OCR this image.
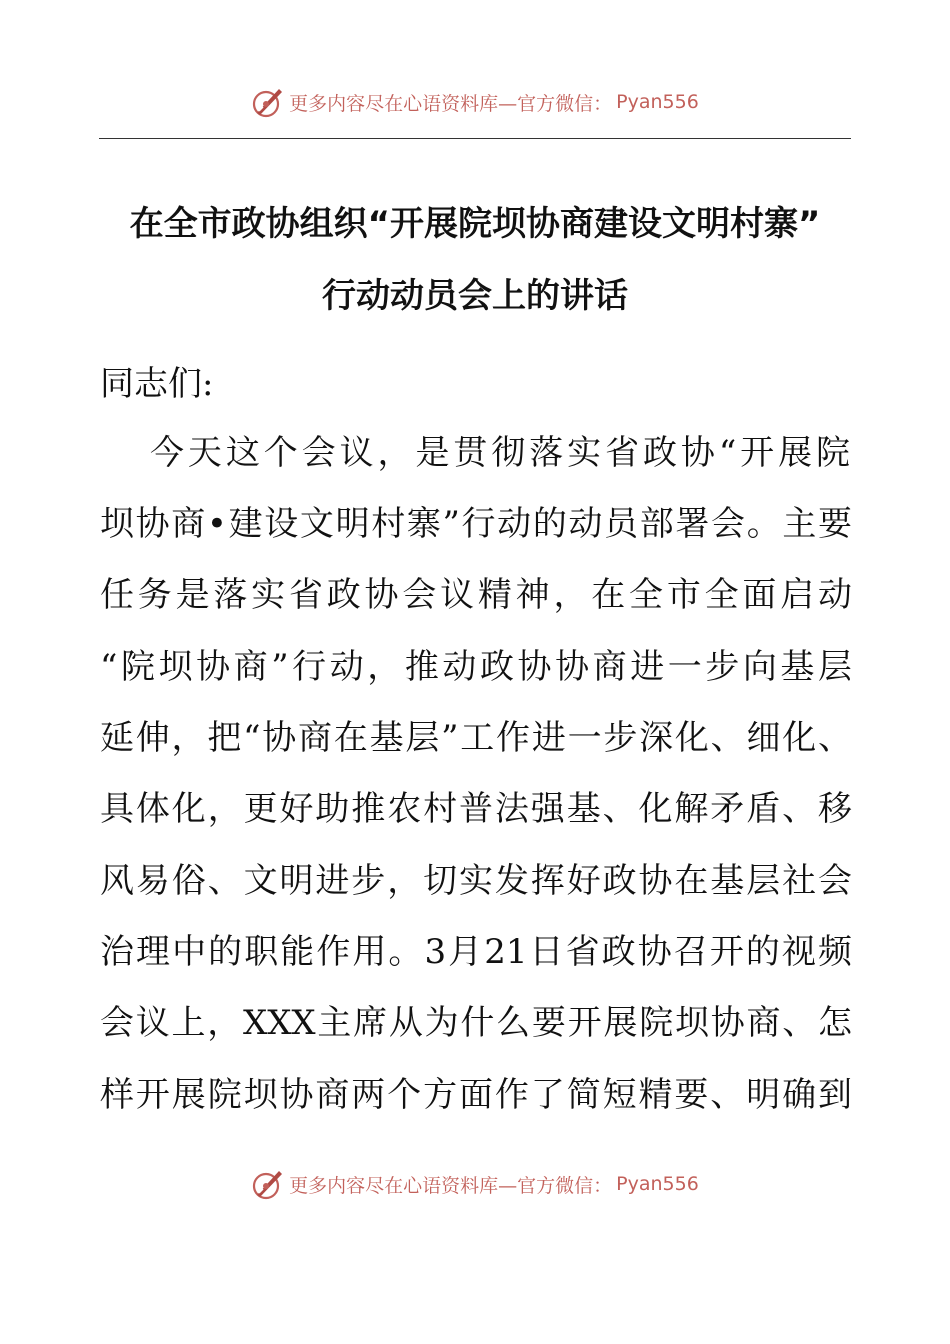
更多内容尽在心语资料库—官方微信： Pyan556
在全市政协组织“开展院坝协商建设文明村寨”
行动动员会上的讲话
同志们:
今天这个会议，是贯彻落实省政协“开展院
坝协商•建设文明村寨”行动的动员部署会。主要
任务是落实省政协会议精神，在全市全面启动
“院坝协商”行动，推动政协协商进一步向基层
延伸，把“协商在基层”工作进一步深化、细化、
具体化，更好助推农村普法强基、化解矛盾、移
风易俗、文明进步，切实发挥好政协在基层社会
治理中的职能作用。3月21日省政协召开的视频
会议上，XXX主席从为什么要开展院坝协商、怎
样开展院坝协商两个方面作了简短精要、明确到
更多内容尽在心语资料库—官方微信： Pyan556
